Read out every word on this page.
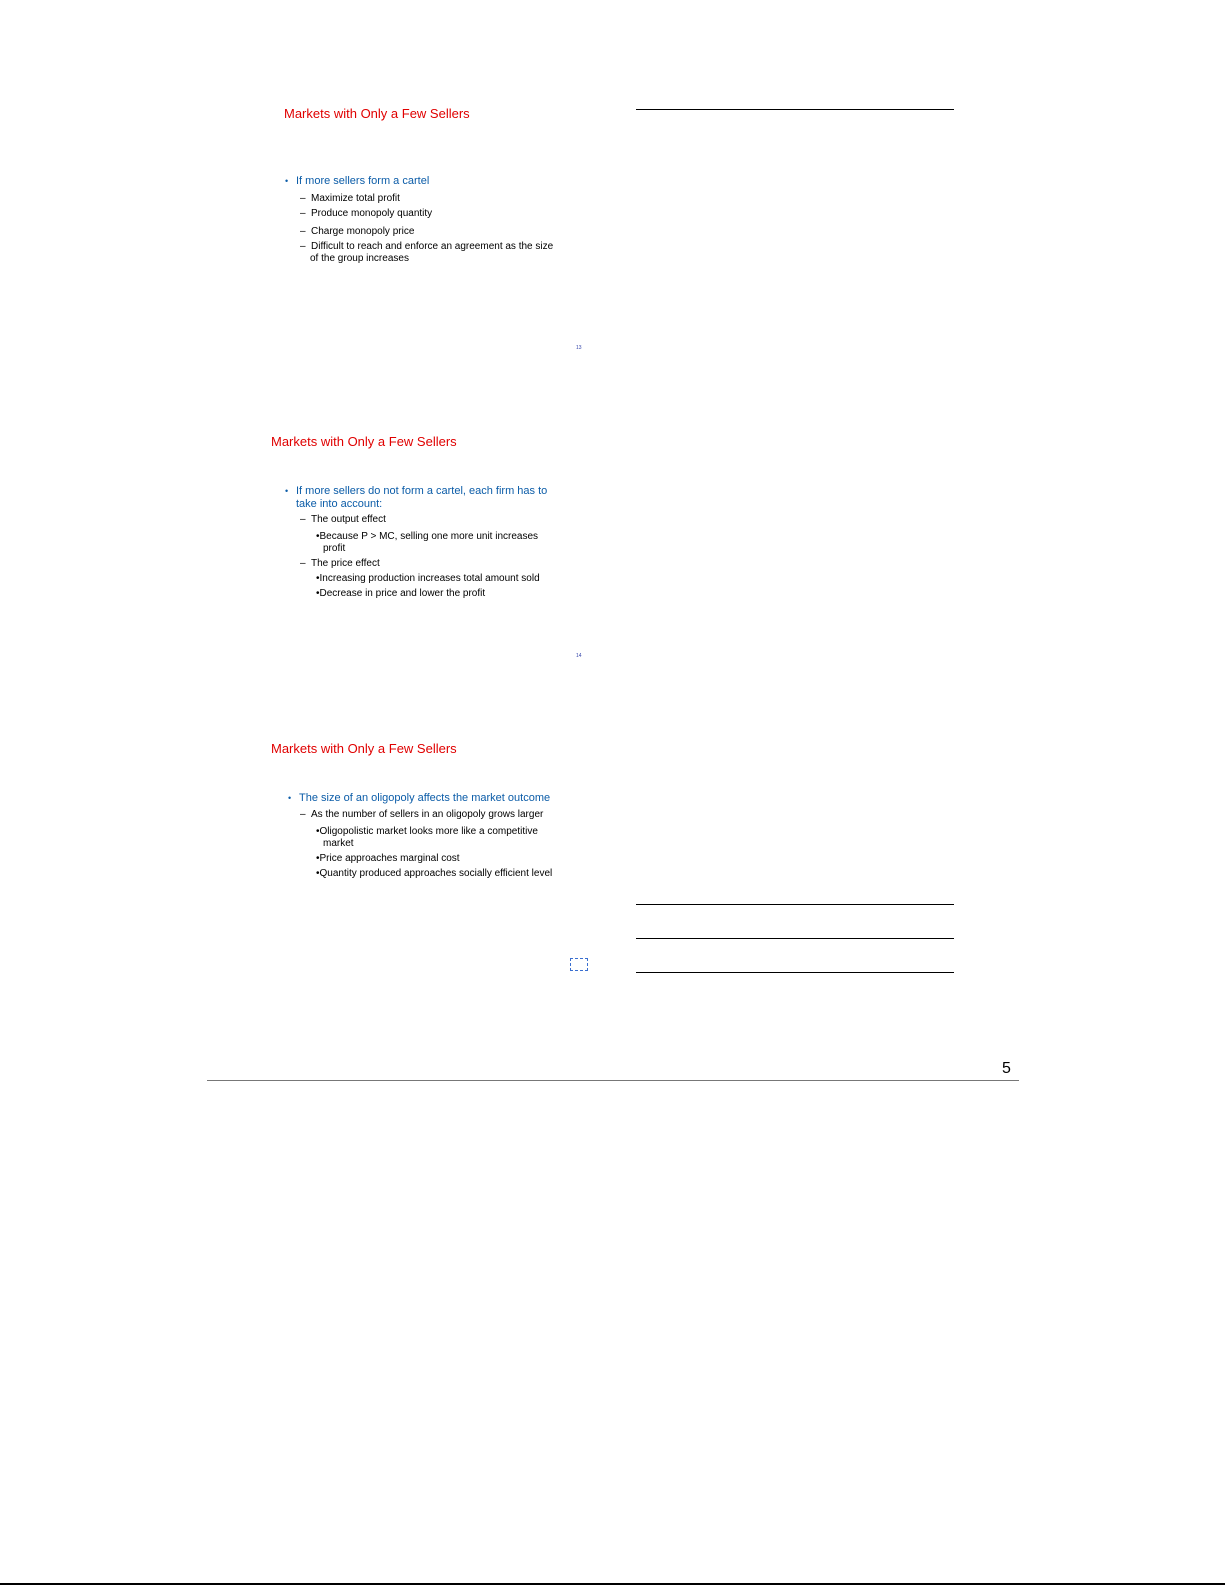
Markets with Only a Few Sellers
• If more sellers form a cartel
– Maximize total profit
– Produce monopoly quantity
– Charge monopoly price
– Difficult to reach and enforce an agreement as the size
of the group increases
13
Markets with Only a Few Sellers
• If more sellers do not form a cartel, each firm has to
take into account:
– The output effect
•Because P > MC, selling one more unit increases
profit
– The price effect
•Increasing production increases total amount sold
•Decrease in price and lower the profit
14
Markets with Only a Few Sellers
• The size of an oligopoly affects the market outcome
– As the number of sellers in an oligopoly grows larger
•Oligopolistic market looks more like a competitive
market
•Price approaches marginal cost
•Quantity produced approaches socially efficient level
5
